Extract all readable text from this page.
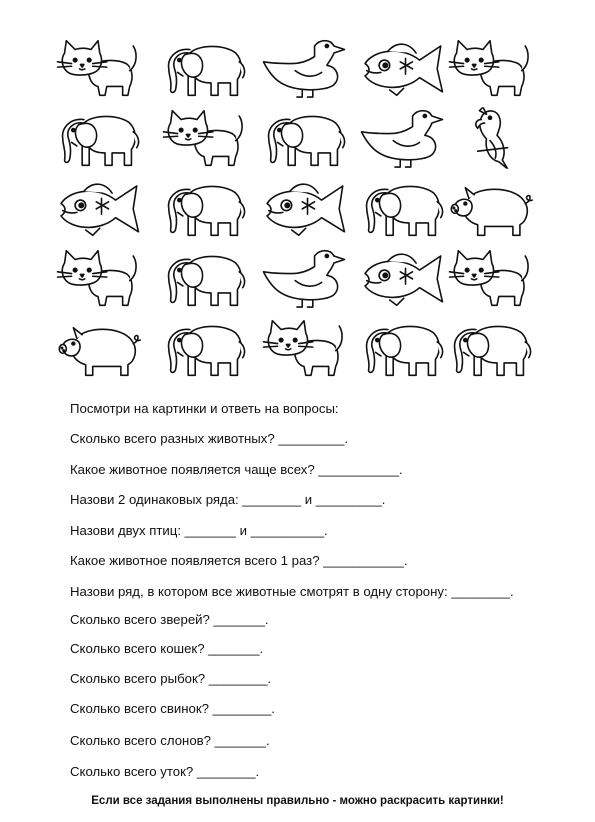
Посмотри на картинки и ответь на вопросы:
Сколько всего разных животных? _________.
Какое животное появляется чаще всех? ___________.
Назови 2 одинаковых ряда: ________ и _________.
Назови двух птиц: _______ и __________.
Какое животное появляется всего 1 раз? ___________.
Назови ряд, в котором все животные смотрят в одну сторону: ________.
Сколько всего зверей? _______.
Сколько всего кошек? _______.
Сколько всего рыбок? ________.
Сколько всего свинок? ________.
Сколько всего слонов? _______.
Сколько всего уток? ________.
Если все задания выполнены правильно - можно раскрасить картинки!
